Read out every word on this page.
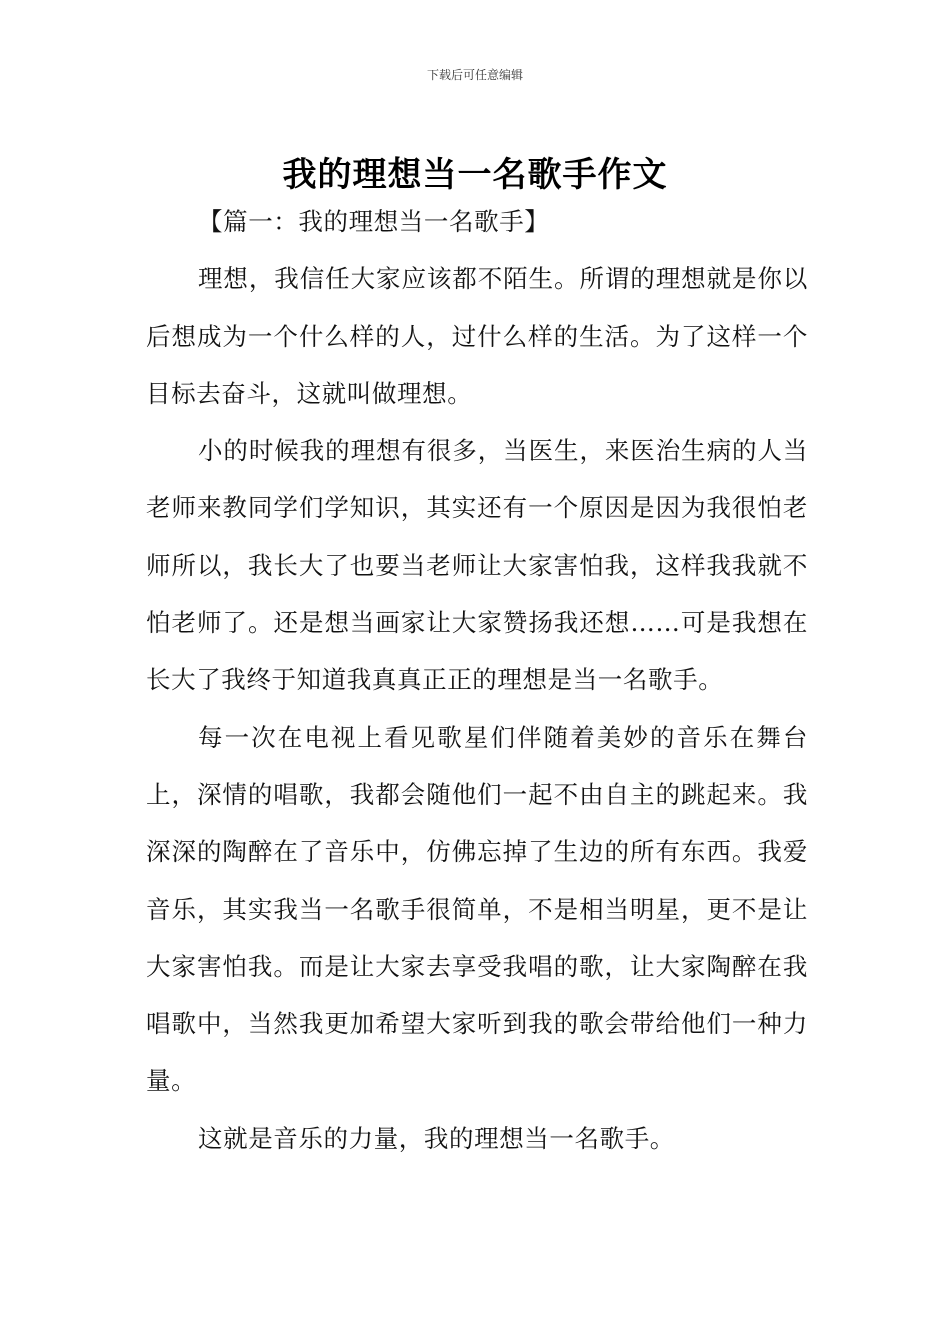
下载后可任意编辑
我的理想当一名歌手作文

【篇一：我的理想当一名歌手】

理想，我信任大家应该都不陌生。所谓的理想就是你以后想成为一个什么样的人，过什么样的生活。为了这样一个目标去奋斗，这就叫做理想。

小的时候我的理想有很多，当医生，来医治生病的人当老师来教同学们学知识，其实还有一个原因是因为我很怕老师所以，我长大了也要当老师让大家害怕我，这样我我就不怕老师了。还是想当画家让大家赞扬我还想……可是我想在长大了我终于知道我真真正正的理想是当一名歌手。

每一次在电视上看见歌星们伴随着美妙的音乐在舞台上，深情的唱歌，我都会随他们一起不由自主的跳起来。我深深的陶醉在了音乐中，仿佛忘掉了生边的所有东西。我爱音乐，其实我当一名歌手很简单，不是相当明星，更不是让大家害怕我。而是让大家去享受我唱的歌，让大家陶醉在我唱歌中，当然我更加希望大家听到我的歌会带给他们一种力量。

这就是音乐的力量，我的理想当一名歌手。
